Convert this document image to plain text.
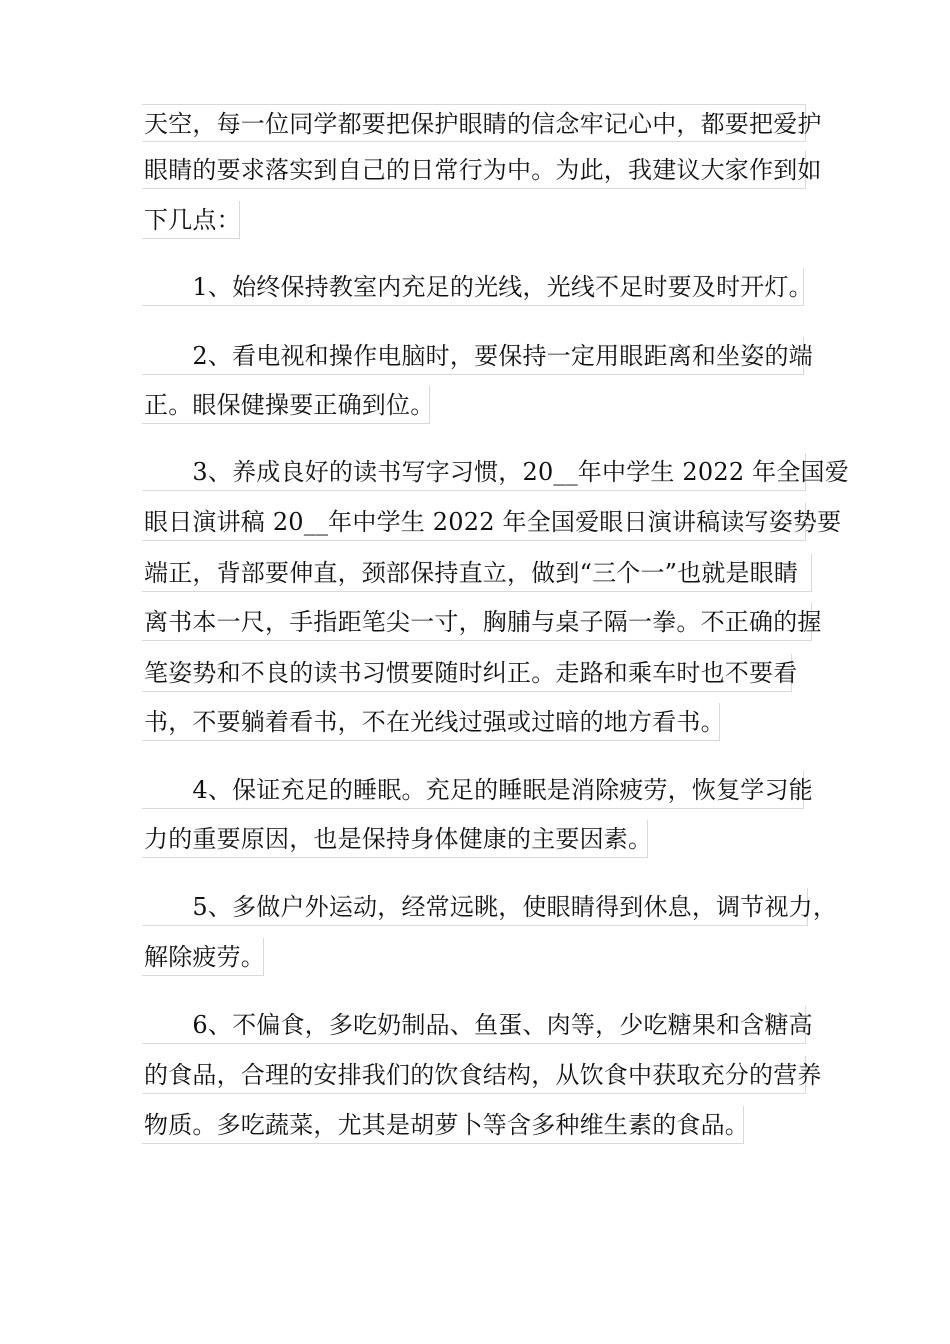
天空，每一位同学都要把保护眼睛的信念牢记心中，都要把爱护
眼睛的要求落实到自己的日常行为中。为此，我建议大家作到如
下几点：
　　1、始终保持教室内充足的光线，光线不足时要及时开灯。
　　2、看电视和操作电脑时，要保持一定用眼距离和坐姿的端
正。眼保健操要正确到位。
　　3、养成良好的读书写字习惯，20__年中学生 2022 年全国爱
眼日演讲稿 20__年中学生 2022 年全国爱眼日演讲稿读写姿势要
端正，背部要伸直，颈部保持直立，做到“三个一”也就是眼睛
离书本一尺，手指距笔尖一寸，胸脯与桌子隔一拳。不正确的握
笔姿势和不良的读书习惯要随时纠正。走路和乘车时也不要看
书，不要躺着看书，不在光线过强或过暗的地方看书。
　　4、保证充足的睡眠。充足的睡眠是消除疲劳，恢复学习能
力的重要原因，也是保持身体健康的主要因素。
　　5、多做户外运动，经常远眺，使眼睛得到休息，调节视力，
解除疲劳。
　　6、不偏食，多吃奶制品、鱼蛋、肉等，少吃糖果和含糖高
的食品，合理的安排我们的饮食结构，从饮食中获取充分的营养
物质。多吃蔬菜，尤其是胡萝卜等含多种维生素的食品。
